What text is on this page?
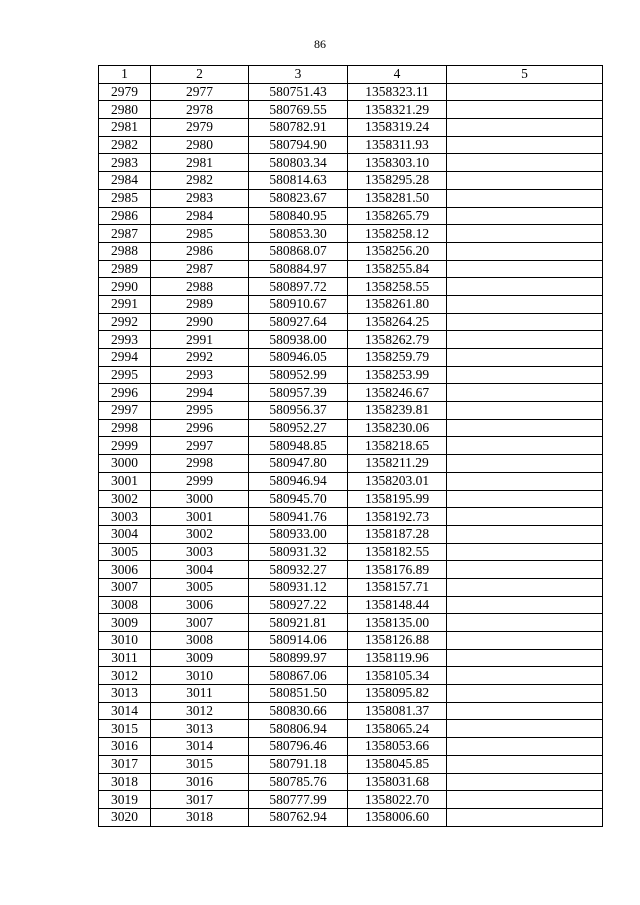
86
1	2	3	4	5
2979	2977	580751.43	1358323.11	
2980	2978	580769.55	1358321.29	
2981	2979	580782.91	1358319.24	
2982	2980	580794.90	1358311.93	
2983	2981	580803.34	1358303.10	
2984	2982	580814.63	1358295.28	
2985	2983	580823.67	1358281.50	
2986	2984	580840.95	1358265.79	
2987	2985	580853.30	1358258.12	
2988	2986	580868.07	1358256.20	
2989	2987	580884.97	1358255.84	
2990	2988	580897.72	1358258.55	
2991	2989	580910.67	1358261.80	
2992	2990	580927.64	1358264.25	
2993	2991	580938.00	1358262.79	
2994	2992	580946.05	1358259.79	
2995	2993	580952.99	1358253.99	
2996	2994	580957.39	1358246.67	
2997	2995	580956.37	1358239.81	
2998	2996	580952.27	1358230.06	
2999	2997	580948.85	1358218.65	
3000	2998	580947.80	1358211.29	
3001	2999	580946.94	1358203.01	
3002	3000	580945.70	1358195.99	
3003	3001	580941.76	1358192.73	
3004	3002	580933.00	1358187.28	
3005	3003	580931.32	1358182.55	
3006	3004	580932.27	1358176.89	
3007	3005	580931.12	1358157.71	
3008	3006	580927.22	1358148.44	
3009	3007	580921.81	1358135.00	
3010	3008	580914.06	1358126.88	
3011	3009	580899.97	1358119.96	
3012	3010	580867.06	1358105.34	
3013	3011	580851.50	1358095.82	
3014	3012	580830.66	1358081.37	
3015	3013	580806.94	1358065.24	
3016	3014	580796.46	1358053.66	
3017	3015	580791.18	1358045.85	
3018	3016	580785.76	1358031.68	
3019	3017	580777.99	1358022.70	
3020	3018	580762.94	1358006.60	
